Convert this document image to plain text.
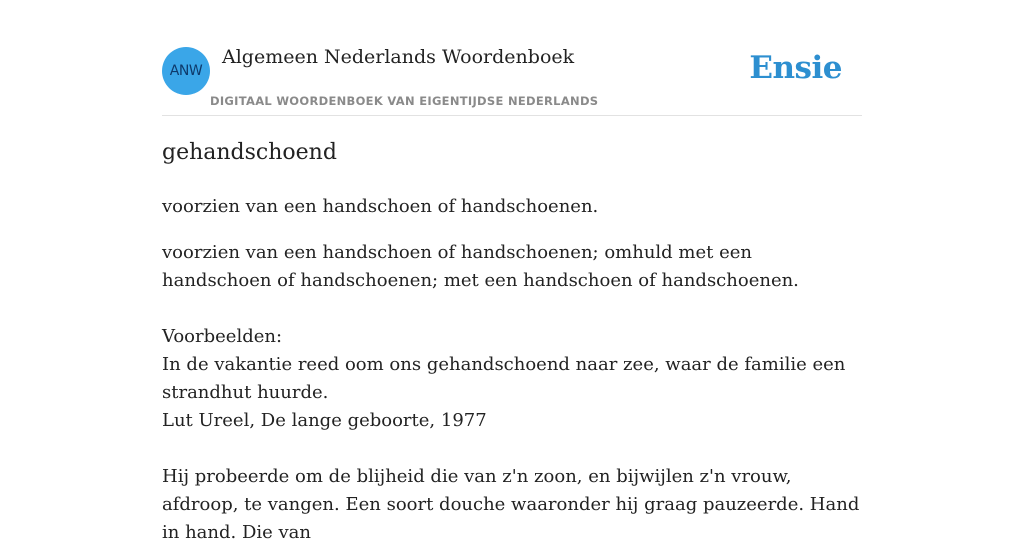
ANW
Algemeen Nederlands Woordenboek
DIGITAAL WOORDENBOEK VAN EIGENTIJDSE NEDERLANDS
Ensie
gehandschoend
voorzien van een handschoen of handschoenen.

voorzien van een handschoen of handschoenen; omhuld met een handschoen of handschoenen; met een handschoen of handschoenen.

Voorbeelden:

In de vakantie reed oom ons gehandschoend naar zee, waar de familie een strandhut huurde.

Lut Ureel, De lange geboorte, 1977

Hij probeerde om de blijheid die van z'n zoon, en bijwijlen z'n vrouw, afdroop, te vangen. Een soort douche waaronder hij graag pauzeerde. Hand in hand. Die van
